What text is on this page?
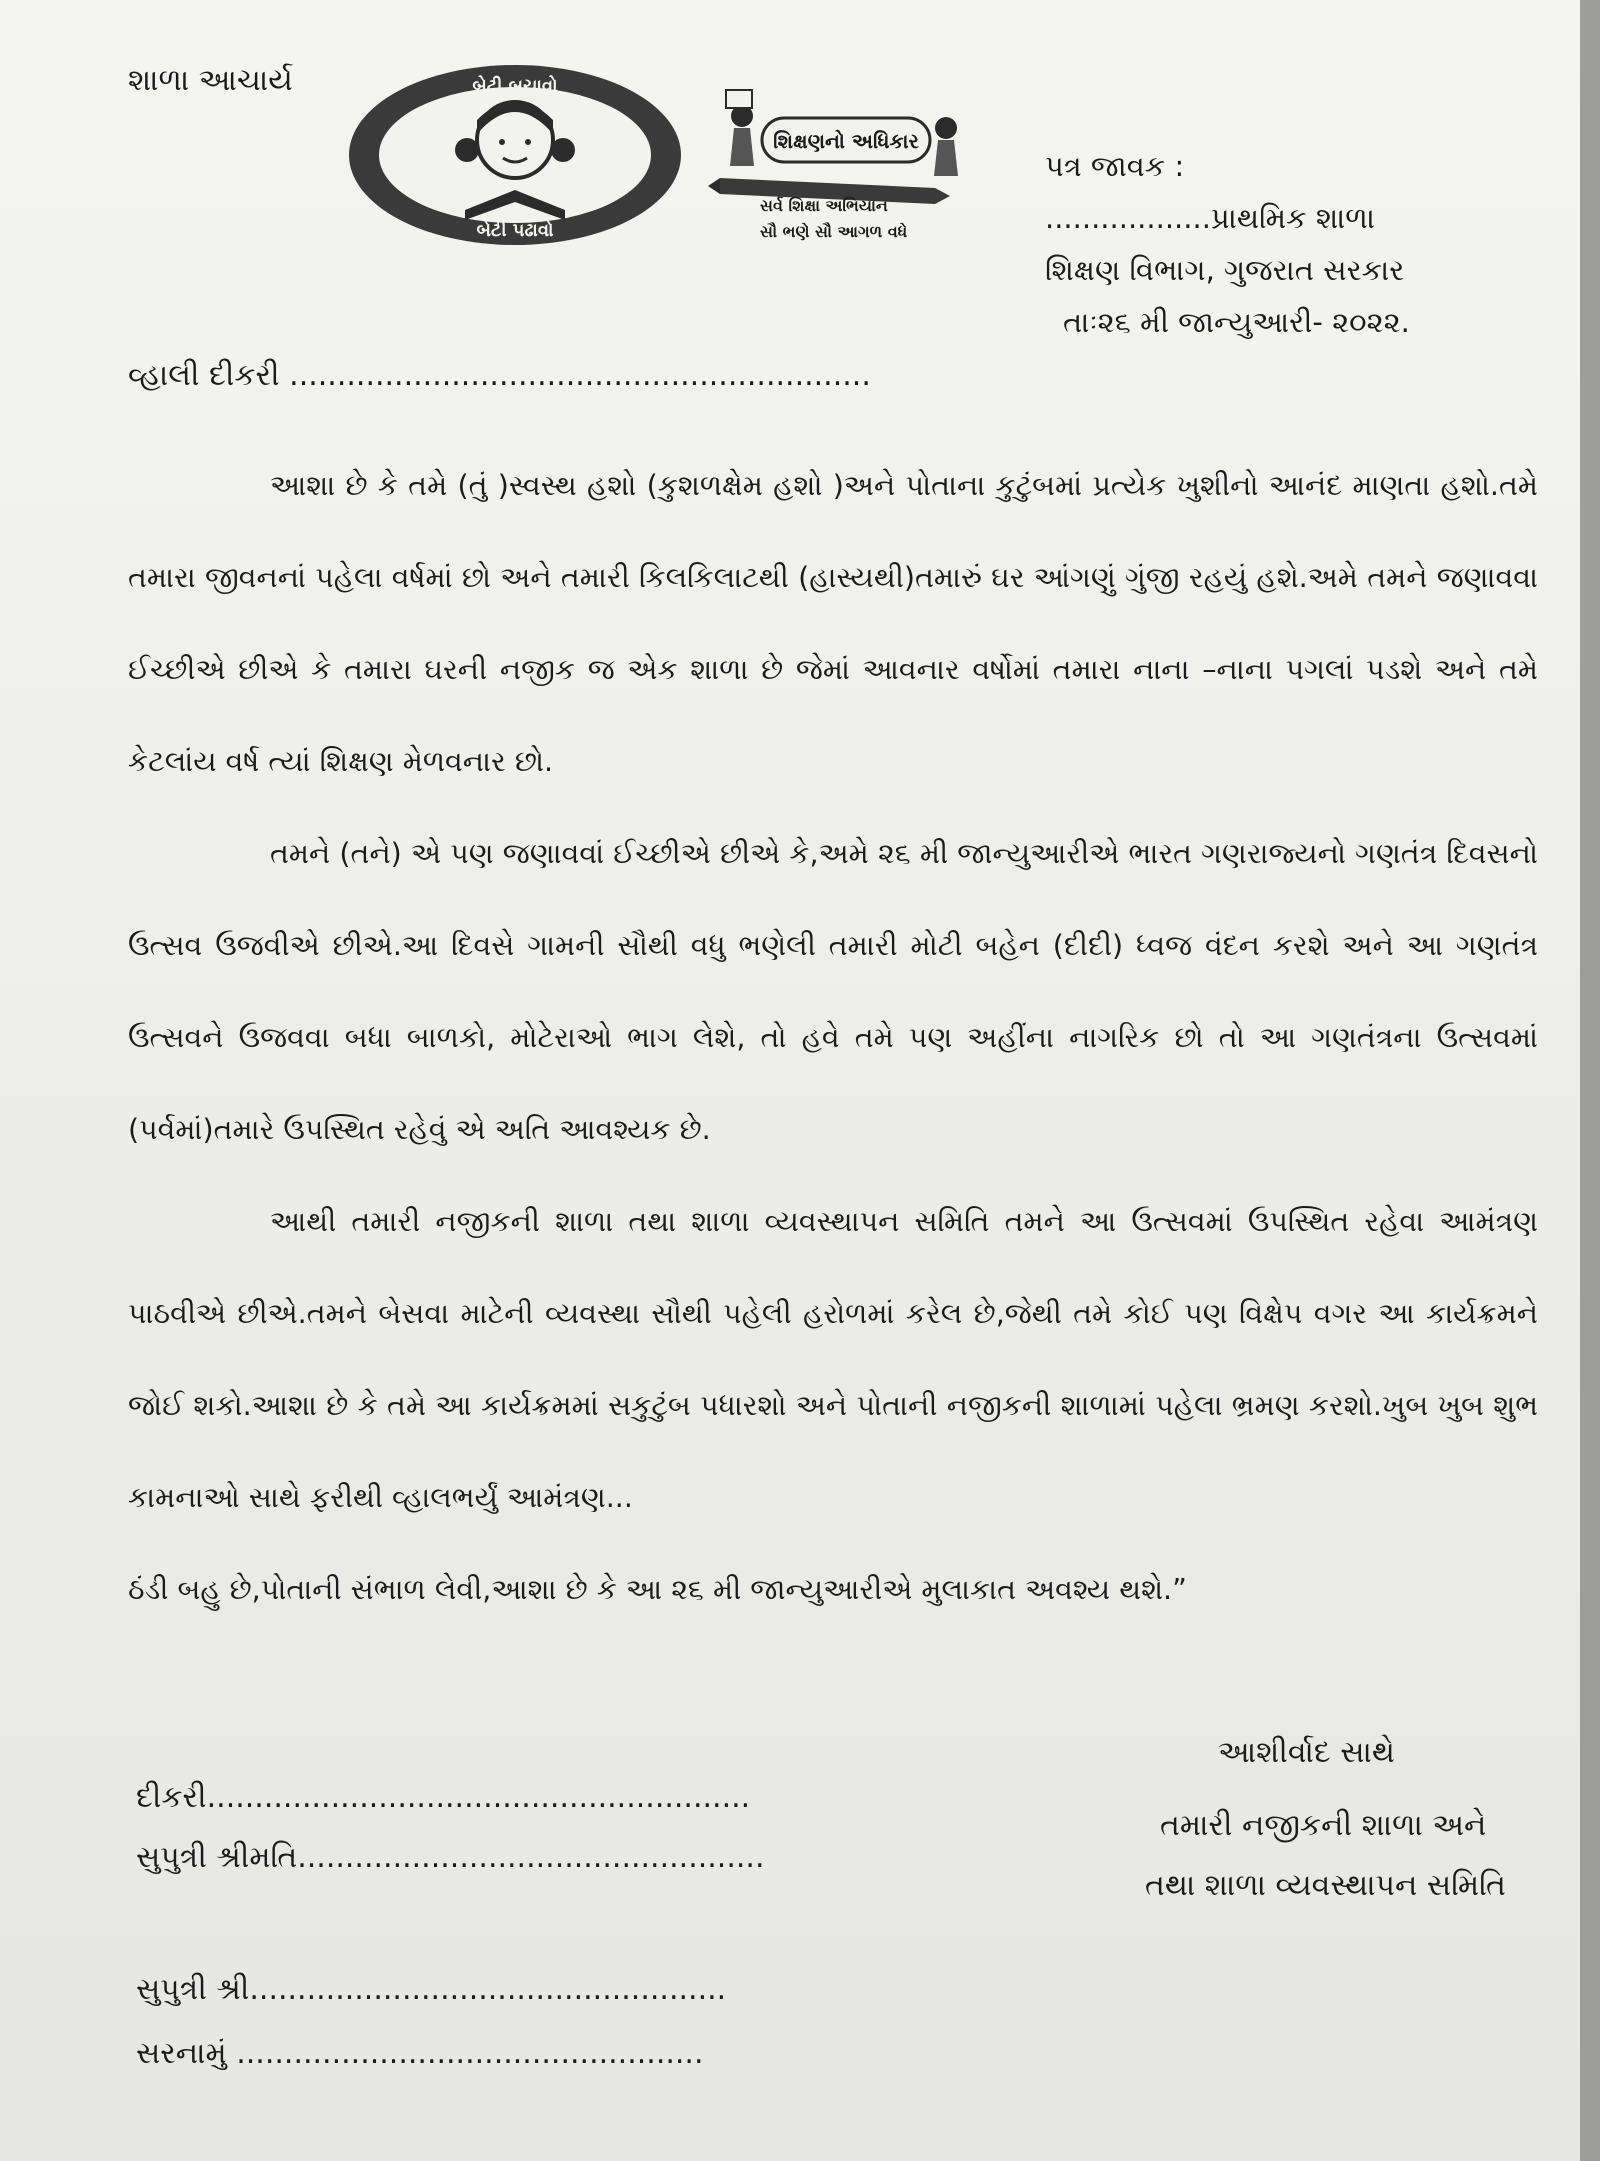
શાળા આચાર્ય	બેટી બચાવો
બેટી પઢાવો
શિક્ષણનો અધિકાર
સર્વ શિક્ષા અભિયાન
સૌ ભણે સૌ આગળ વધે
પત્ર જાવક :
..................પ્રાથમિક શાળા
શિક્ષણ વિભાગ, ગુજરાત સરકાર
તાઃ૨૬ મી જાન્યુઆરી- ૨૦૨૨.
વ્હાલી દીકરી .............................................................

આશા છે કે તમે (તું )સ્વસ્થ હશો (કુશળક્ષેમ હશો )અને પોતાના કુટુંબમાં પ્રત્યેક ખુશીનો આનંદ માણતા હશો.તમે તમારા જીવનનાં પહેલા વર્ષમાં છો અને તમારી કિલકિલાટથી (હાસ્યથી)તમારું ઘર આંગણું ગુંજી રહયું હશે.અમે તમને જણાવવા ઈચ્છીએ છીએ કે તમારા ઘરની નજીક જ એક શાળા છે જેમાં આવનાર વર્ષોમાં તમારા નાના –નાના પગલાં પડશે અને તમે કેટલાંય વર્ષ ત્યાં શિક્ષણ મેળવનાર છો.

તમને (તને) એ પણ જણાવવાં ઈચ્છીએ છીએ કે,અમે ૨૬ મી જાન્યુઆરીએ ભારત ગણરાજ્યનો ગણતંત્ર દિવસનો ઉત્સવ ઉજવીએ છીએ.આ દિવસે ગામની સૌથી વધુ ભણેલી તમારી મોટી બહેન (દીદી) ધ્વજ વંદન કરશે અને આ ગણતંત્ર ઉત્સવને ઉજવવા બધા બાળકો, મોટેરાઓ ભાગ લેશે, તો હવે તમે પણ અહીંના નાગરિક છો તો આ ગણતંત્રના ઉત્સવમાં (પર્વમાં)તમારે ઉપસ્થિત રહેવું એ અતિ આવશ્યક છે.

આથી તમારી નજીકની શાળા તથા શાળા વ્યવસ્થાપન સમિતિ તમને આ ઉત્સવમાં ઉપસ્થિત રહેવા આમંત્રણ પાઠવીએ છીએ.તમને બેસવા માટેની વ્યવસ્થા સૌથી પહેલી હરોળમાં કરેલ છે,જેથી તમે કોઈ પણ વિક્ષેપ વગર આ કાર્યક્રમને જોઈ શકો.આશા છે કે તમે આ કાર્યક્રમમાં સકુટુંબ પધારશો અને પોતાની નજીકની શાળામાં પહેલા ભ્રમણ કરશો.ખુબ ખુબ શુભ કામનાઓ સાથે ફરીથી વ્હાલભર્યું આમંત્રણ...

ઠંડી બહુ છે,પોતાની સંભાળ લેવી,આશા છે કે આ ૨૬ મી જાન્યુઆરીએ મુલાકાત અવશ્ય થશે.”

આશીર્વાદ સાથે
તમારી નજીકની શાળા અને
તથા શાળા વ્યવસ્થાપન સમિતિ
દીકરી.........................................................
સુપુત્રી શ્રીમતિ.................................................
સુપુત્રી શ્રી..................................................
સરનામું .................................................
